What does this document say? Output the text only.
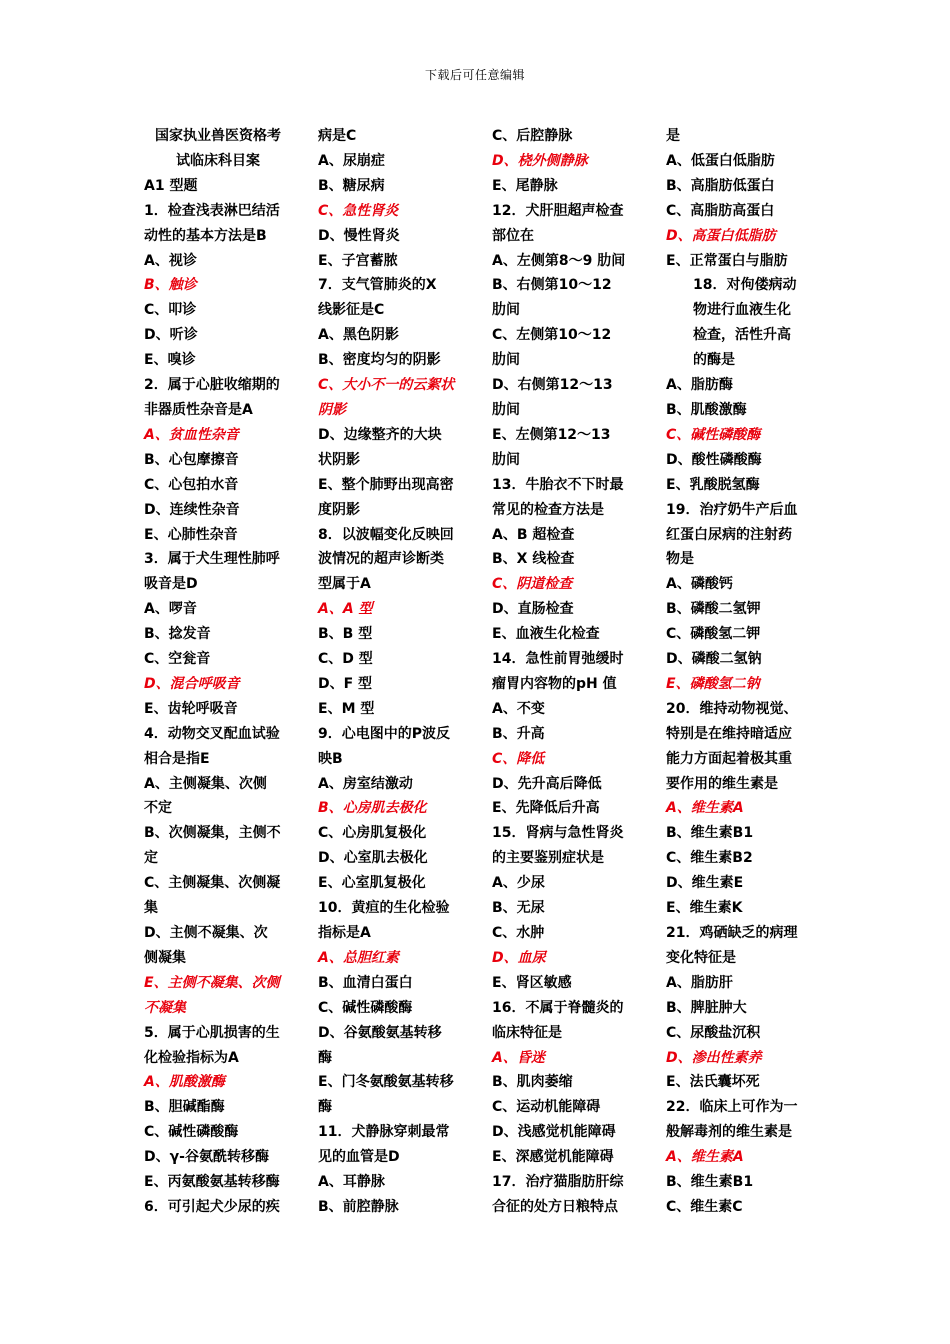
下载后可任意编辑
国家执业兽医资格考
试临床科目案
A1 型题
1．检查浅表淋巴结活
动性的基本方法是B
A、视诊
B、触诊
C、叩诊
D、听诊
E、嗅诊
2．属于心脏收缩期的
非器质性杂音是A
A、贫血性杂音
B、心包摩擦音
C、心包拍水音
D、连续性杂音
E、心肺性杂音
3．属于犬生理性肺呼
吸音是D
A、啰音
B、捻发音
C、空瓮音
D、混合呼吸音
E、齿轮呼吸音
4．动物交叉配血试验
相合是指E
A、主侧凝集、次侧
不定
B、次侧凝集，主侧不
定
C、主侧凝集、次侧凝
集
D、主侧不凝集、次
侧凝集
E、主侧不凝集、次侧
不凝集
5．属于心肌损害的生
化检验指标为A
A、肌酸激酶
B、胆碱酯酶
C、碱性磷酸酶
D、γ-谷氨酰转移酶
E、丙氨酸氨基转移酶
6．可引起犬少尿的疾
病是C
A、尿崩症
B、糖尿病
C、急性肾炎
D、慢性肾炎
E、子宫蓄脓
7．支气管肺炎的X
线影征是C
A、黑色阴影
B、密度均匀的阴影
C、大小不一的云絮状
阴影
D、边缘整齐的大块
状阴影
E、整个肺野出现高密
度阴影
8．以波幅变化反映回
波情况的超声诊断类
型属于A
A、A 型
B、B 型
C、D 型
D、F 型
E、M 型
9．心电图中的P波反
映B
A、房室结激动
B、心房肌去极化
C、心房肌复极化
D、心室肌去极化
E、心室肌复极化
10．黄疸的生化检验
指标是A
A、总胆红素
B、血清白蛋白
C、碱性磷酸酶
D、谷氨酸氨基转移
酶
E、门冬氨酸氨基转移
酶
11．犬静脉穿刺最常
见的血管是D
A、耳静脉
B、前腔静脉
C、后腔静脉
D、桡外侧静脉
E、尾静脉
12．犬肝胆超声检查
部位在
A、左侧第8～9 肋间
B、右侧第10～12
肋间
C、左侧第10～12
肋间
D、右侧第12～13
肋间
E、左侧第12～13
肋间
13．牛胎衣不下时最
常见的检查方法是
A、B 超检查
B、X 线检查
C、阴道检查
D、直肠检查
E、血液生化检查
14．急性前胃弛缓时
瘤胃内容物的pH 值
A、不变
B、升高
C、降低
D、先升高后降低
E、先降低后升高
15．肾病与急性肾炎
的主要鉴别症状是
A、少尿
B、无尿
C、水肿
D、血尿
E、肾区敏感
16．不属于脊髓炎的
临床特征是
A、昏迷
B、肌肉萎缩
C、运动机能障碍
D、浅感觉机能障碍
E、深感觉机能障碍
17．治疗猫脂肪肝综
合征的处方日粮特点
是
A、低蛋白低脂肪
B、高脂肪低蛋白
C、高脂肪高蛋白
D、高蛋白低脂肪
E、正常蛋白与脂肪
18．对佝偻病动
物进行血液生化
检查，活性升高
的酶是
A、脂肪酶
B、肌酸激酶
C、碱性磷酸酶
D、酸性磷酸酶
E、乳酸脱氢酶
19．治疗奶牛产后血
红蛋白尿病的注射药
物是
A、磷酸钙
B、磷酸二氢钾
C、磷酸氢二钾
D、磷酸二氢钠
E、磷酸氢二钠
20．维持动物视觉、
特别是在维持暗适应
能力方面起着极其重
要作用的维生素是
A、维生素A
B、维生素B1
C、维生素B2
D、维生素E
E、维生素K
21．鸡硒缺乏的病理
变化特征是
A、脂肪肝
B、脾脏肿大
C、尿酸盐沉积
D、渗出性素养
E、法氏囊坏死
22．临床上可作为一
般解毒剂的维生素是
A、维生素A
B、维生素B1
C、维生素C
